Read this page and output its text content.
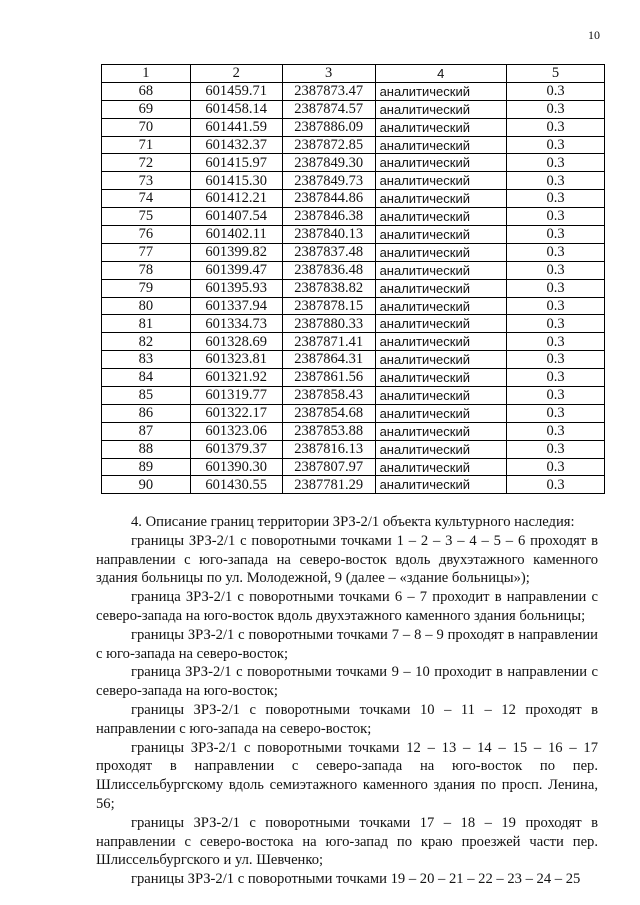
10
1	2	3	4	5
68	601459.71	2387873.47	аналитический	0.3
69	601458.14	2387874.57	аналитический	0.3
70	601441.59	2387886.09	аналитический	0.3
71	601432.37	2387872.85	аналитический	0.3
72	601415.97	2387849.30	аналитический	0.3
73	601415.30	2387849.73	аналитический	0.3
74	601412.21	2387844.86	аналитический	0.3
75	601407.54	2387846.38	аналитический	0.3
76	601402.11	2387840.13	аналитический	0.3
77	601399.82	2387837.48	аналитический	0.3
78	601399.47	2387836.48	аналитический	0.3
79	601395.93	2387838.82	аналитический	0.3
80	601337.94	2387878.15	аналитический	0.3
81	601334.73	2387880.33	аналитический	0.3
82	601328.69	2387871.41	аналитический	0.3
83	601323.81	2387864.31	аналитический	0.3
84	601321.92	2387861.56	аналитический	0.3
85	601319.77	2387858.43	аналитический	0.3
86	601322.17	2387854.68	аналитический	0.3
87	601323.06	2387853.88	аналитический	0.3
88	601379.37	2387816.13	аналитический	0.3
89	601390.30	2387807.97	аналитический	0.3
90	601430.55	2387781.29	аналитический	0.3

4. Описание границ территории ЗРЗ-2/1 объекта культурного наследия:

границы ЗРЗ-2/1 с поворотными точками 1 – 2 – 3 – 4 – 5 – 6 проходят в направлении с юго-запада на северо-восток вдоль двухэтажного каменного здания больницы по ул. Молодежной, 9 (далее – «здание больницы»);

граница ЗРЗ-2/1 с поворотными точками 6 – 7 проходит в направлении с северо-запада на юго-восток вдоль двухэтажного каменного здания больницы;

границы ЗРЗ-2/1 с поворотными точками 7 – 8 – 9 проходят в направлении с юго-запада на северо-восток;

граница ЗРЗ-2/1 с поворотными точками 9 – 10 проходит в направлении с северо-запада на юго-восток;

границы ЗРЗ-2/1 с поворотными точками 10 – 11 – 12 проходят в направлении с юго-запада на северо-восток;

границы ЗРЗ-2/1 с поворотными точками 12 – 13 – 14 – 15 – 16 – 17 проходят в направлении с северо-запада на юго-восток по пер. Шлиссельбургскому вдоль семиэтажного каменного здания по просп. Ленина, 56;

границы ЗРЗ-2/1 с поворотными точками 17 – 18 – 19 проходят в направлении с северо-востока на юго-запад по краю проезжей части пер. Шлиссельбургского и ул. Шевченко;

границы ЗРЗ-2/1 с поворотными точками 19 – 20 – 21 – 22 – 23 – 24 – 25
